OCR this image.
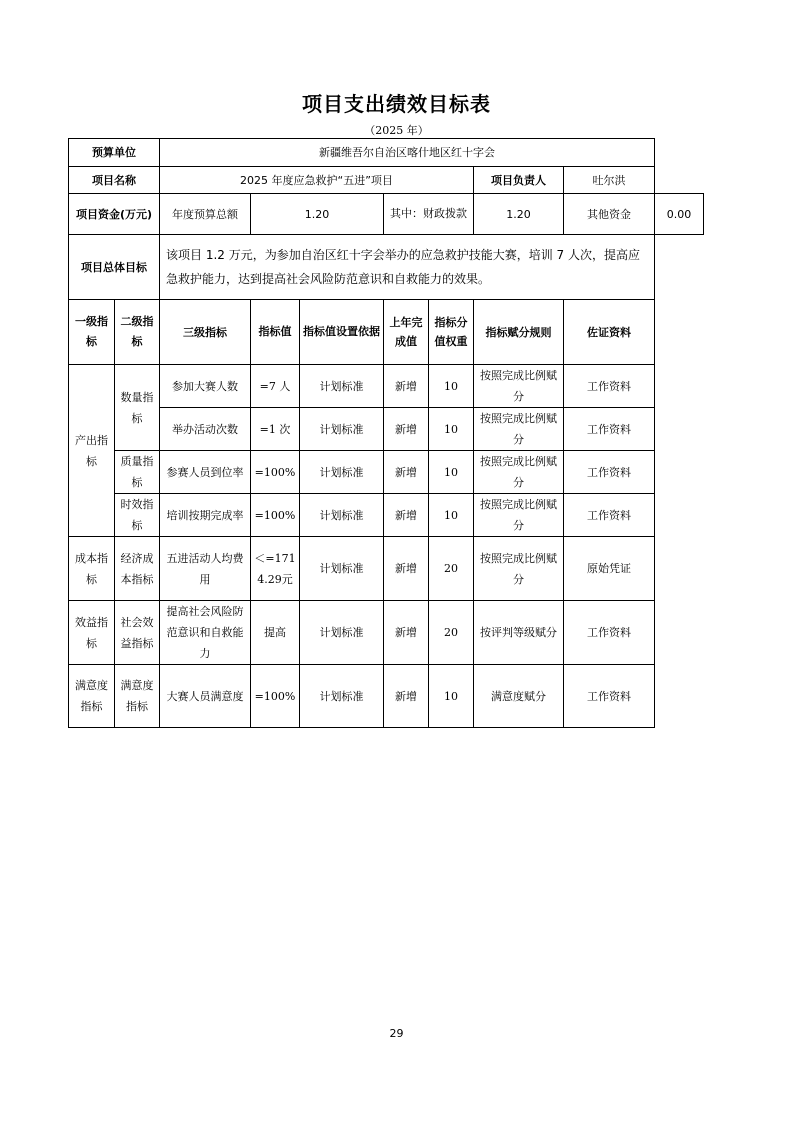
项目支出绩效目标表
（2025 年）
预算单位		新疆维吾尔自治区喀什地区红十字会							
项目名称		2025 年度应急救护“五进”项目					项目负责人	吐尔洪	
项目资金(万元)		年度预算总额	1.20		其中：财政拨款		1.20	其他资金	0.00
项目总体目标		该项目 1.2 万元，为参加自治区红十字会举办的应急救护技能大赛，培训 7 人次，提高应急救护能力，达到提高社会风险防范意识和自救能力的效果。							
一级指标	二级指标	三级指标	指标值	指标值设置依据	上年完成值	指标分值权重	指标赋分规则	佐证资料	
产出指标	数量指标	参加大赛人数	=7 人	计划标准	新增	10	按照完成比例赋分	工作资料	
		举办活动次数	=1 次	计划标准	新增	10	按照完成比例赋分	工作资料	
	质量指标	参赛人员到位率	=100%	计划标准	新增	10	按照完成比例赋分	工作资料	
	时效指标	培训按期完成率	=100%	计划标准	新增	10	按照完成比例赋分	工作资料	
成本指标	经济成本指标	五进活动人均费用	＜=1714.29元	计划标准	新增	20	按照完成比例赋分	原始凭证	
效益指标	社会效益指标	提高社会风险防范意识和自救能力	提高	计划标准	新增	20	按评判等级赋分	工作资料	
满意度指标	满意度指标	大赛人员满意度	=100%	计划标准	新增	10	满意度赋分	工作资料	
29
